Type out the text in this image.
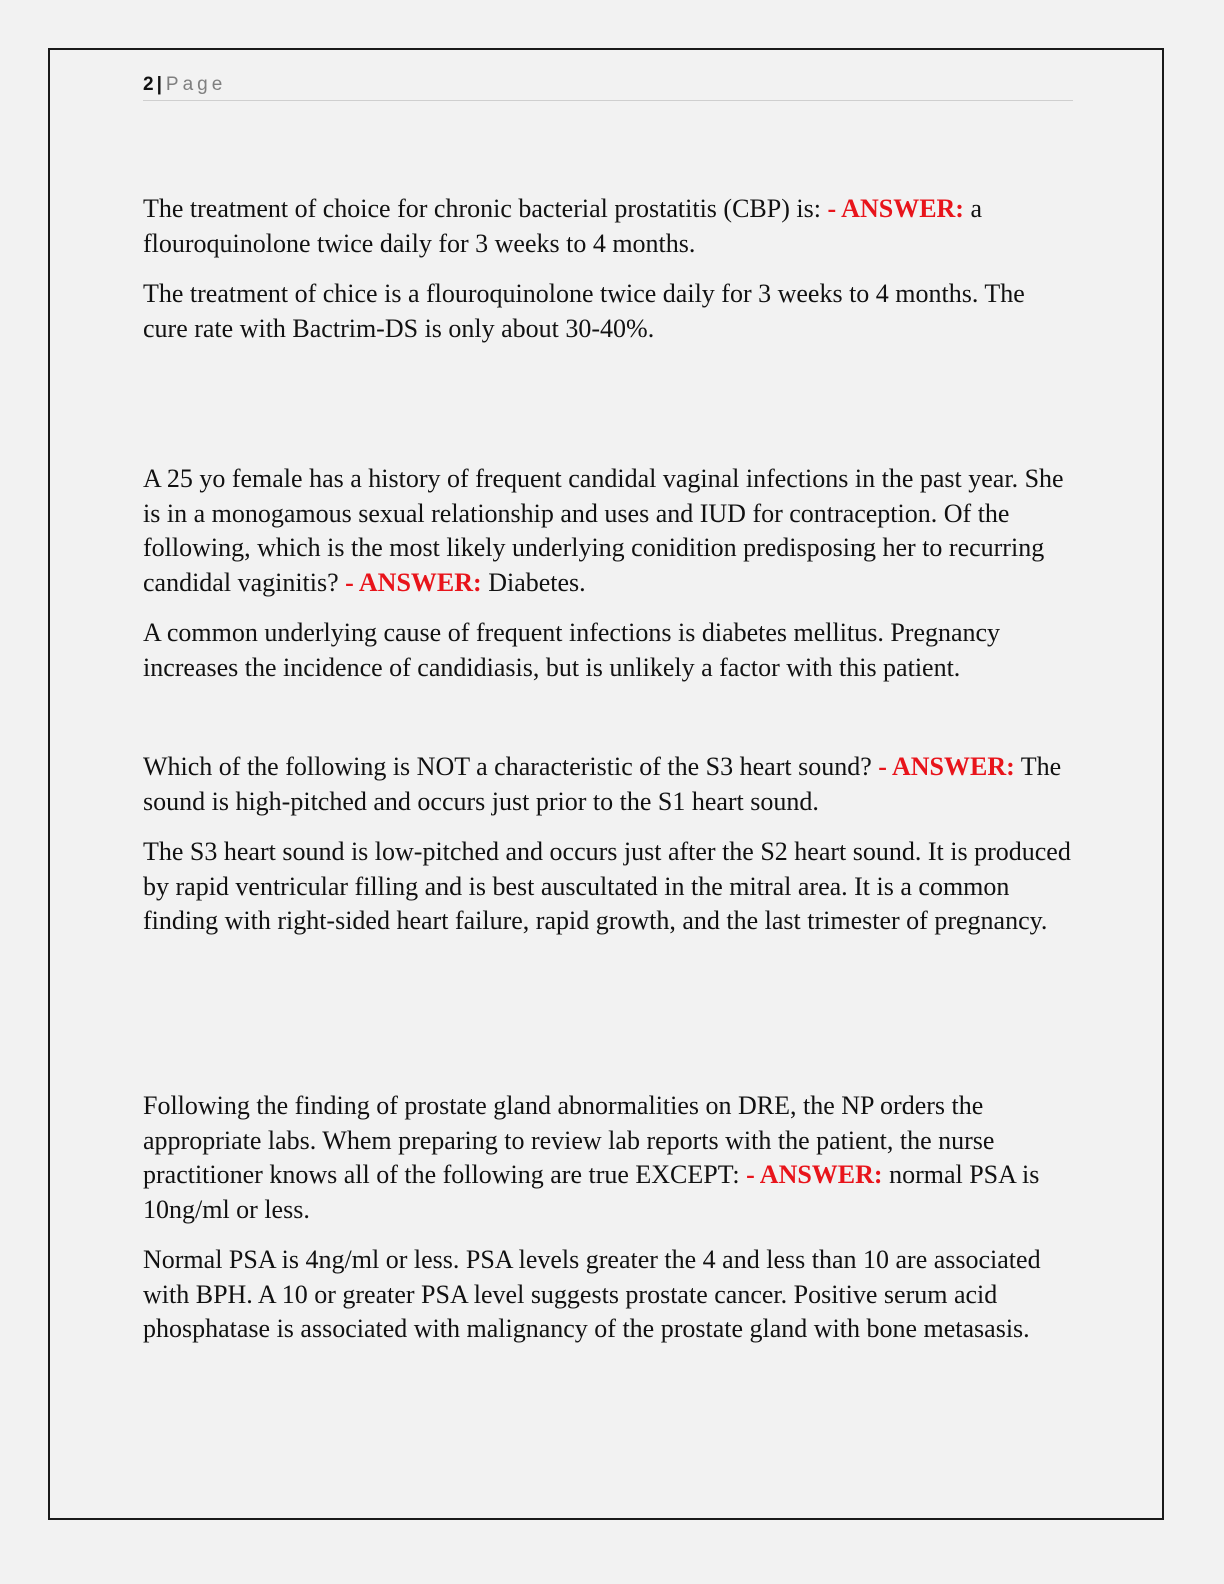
2 | Page

The treatment of choice for chronic bacterial prostatitis (CBP) is: - ANSWER: a flouroquinolone twice daily for 3 weeks to 4 months.

The treatment of chice is a flouroquinolone twice daily for 3 weeks to 4 months. The cure rate with Bactrim-DS is only about 30-40%.

A 25 yo female has a history of frequent candidal vaginal infections in the past year. She is in a monogamous sexual relationship and uses and IUD for contraception. Of the following, which is the most likely underlying conidition predisposing her to recurring candidal vaginitis? - ANSWER: Diabetes.

A common underlying cause of frequent infections is diabetes mellitus. Pregnancy increases the incidence of candidiasis, but is unlikely a factor with this patient.

Which of the following is NOT a characteristic of the S3 heart sound? - ANSWER: The sound is high-pitched and occurs just prior to the S1 heart sound.

The S3 heart sound is low-pitched and occurs just after the S2 heart sound. It is produced by rapid ventricular filling and is best auscultated in the mitral area. It is a common finding with right-sided heart failure, rapid growth, and the last trimester of pregnancy.

Following the finding of prostate gland abnormalities on DRE, the NP orders the appropriate labs. Whem preparing to review lab reports with the patient, the nurse practitioner knows all of the following are true EXCEPT: - ANSWER: normal PSA is 10ng/ml or less.

Normal PSA is 4ng/ml or less. PSA levels greater the 4 and less than 10 are associated with BPH. A 10 or greater PSA level suggests prostate cancer. Positive serum acid phosphatase is associated with malignancy of the prostate gland with bone metasasis.
